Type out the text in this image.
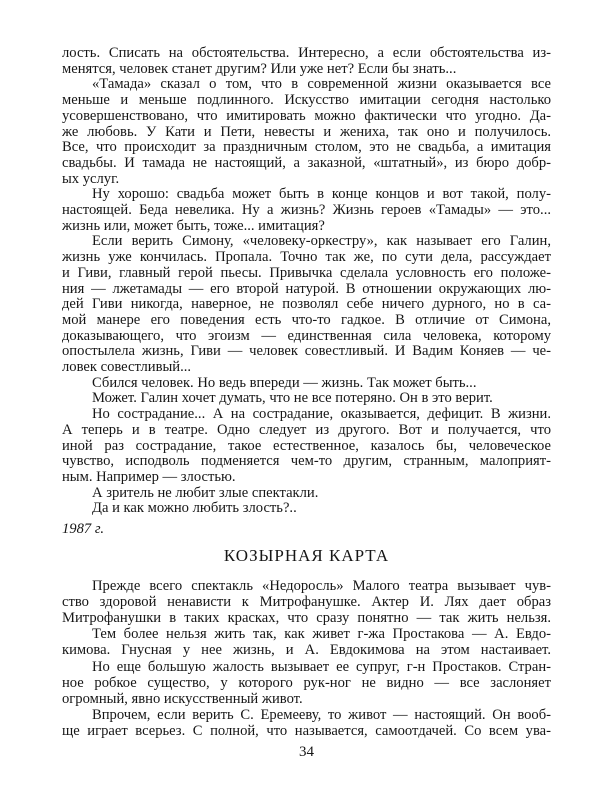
лость. Списать на обстоятельства. Интересно, а если обстоятельства из-
менятся, человек станет другим? Или уже нет? Если бы знать...
«Тамада» сказал о том, что в современной жизни оказывается все
меньше и меньше подлинного. Искусство имитации сегодня настолько
усовершенствовано, что имитировать можно фактически что угодно. Да-
же любовь. У Кати и Пети, невесты и жениха, так оно и получилось.
Все, что происходит за праздничным столом, это не свадьба, а имитация
свадьбы. И тамада не настоящий, а заказной, «штатный», из бюро добр-
ых услуг.
Ну хорошо: свадьба может быть в конце концов и вот такой, полу-
настоящей. Беда невелика. Ну а жизнь? Жизнь героев «Тамады» — это...
жизнь или, может быть, тоже... имитация?
Если верить Симону, «человеку-оркестру», как называет его Галин,
жизнь уже кончилась. Пропала. Точно так же, по сути дела, рассуждает
и Гиви, главный герой пьесы. Привычка сделала условность его положе-
ния — лжетамады — его второй натурой. В отношении окружающих лю-
дей Гиви никогда, наверное, не позволял себе ничего дурного, но в са-
мой манере его поведения есть что-то гадкое. В отличие от Симона,
доказывающего, что эгоизм — единственная сила человека, которому
опостылела жизнь, Гиви — человек совестливый. И Вадим Коняев — че-
ловек совестливый...
Сбился человек. Но ведь впереди — жизнь. Так может быть...
Может. Галин хочет думать, что не все потеряно. Он в это верит.
Но сострадание... А на сострадание, оказывается, дефицит. В жизни.
А теперь и в театре. Одно следует из другого. Вот и получается, что
иной раз сострадание, такое естественное, казалось бы, человеческое
чувство, исподволь подменяется чем-то другим, странным, малоприят-
ным. Например — злостью.
А зритель не любит злые спектакли.
Да и как можно любить злость?..
1987 г.
КОЗЫРНАЯ КАРТА
Прежде всего спектакль «Недоросль» Малого театра вызывает чув-
ство здоровой ненависти к Митрофанушке. Актер И. Лях дает образ
Митрофанушки в таких красках, что сразу понятно — так жить нельзя.
Тем более нельзя жить так, как живет г-жа Простакова — А. Евдо-
кимова. Гнусная у нее жизнь, и А. Евдокимова на этом настаивает.
Но еще большую жалость вызывает ее супруг, г-н Простаков. Стран-
ное робкое существо, у которого рук-ног не видно — все заслоняет
огромный, явно искусственный живот.
Впрочем, если верить С. Еремееву, то живот — настоящий. Он вооб-
ще играет всерьез. С полной, что называется, самоотдачей. Со всем ува-
34
